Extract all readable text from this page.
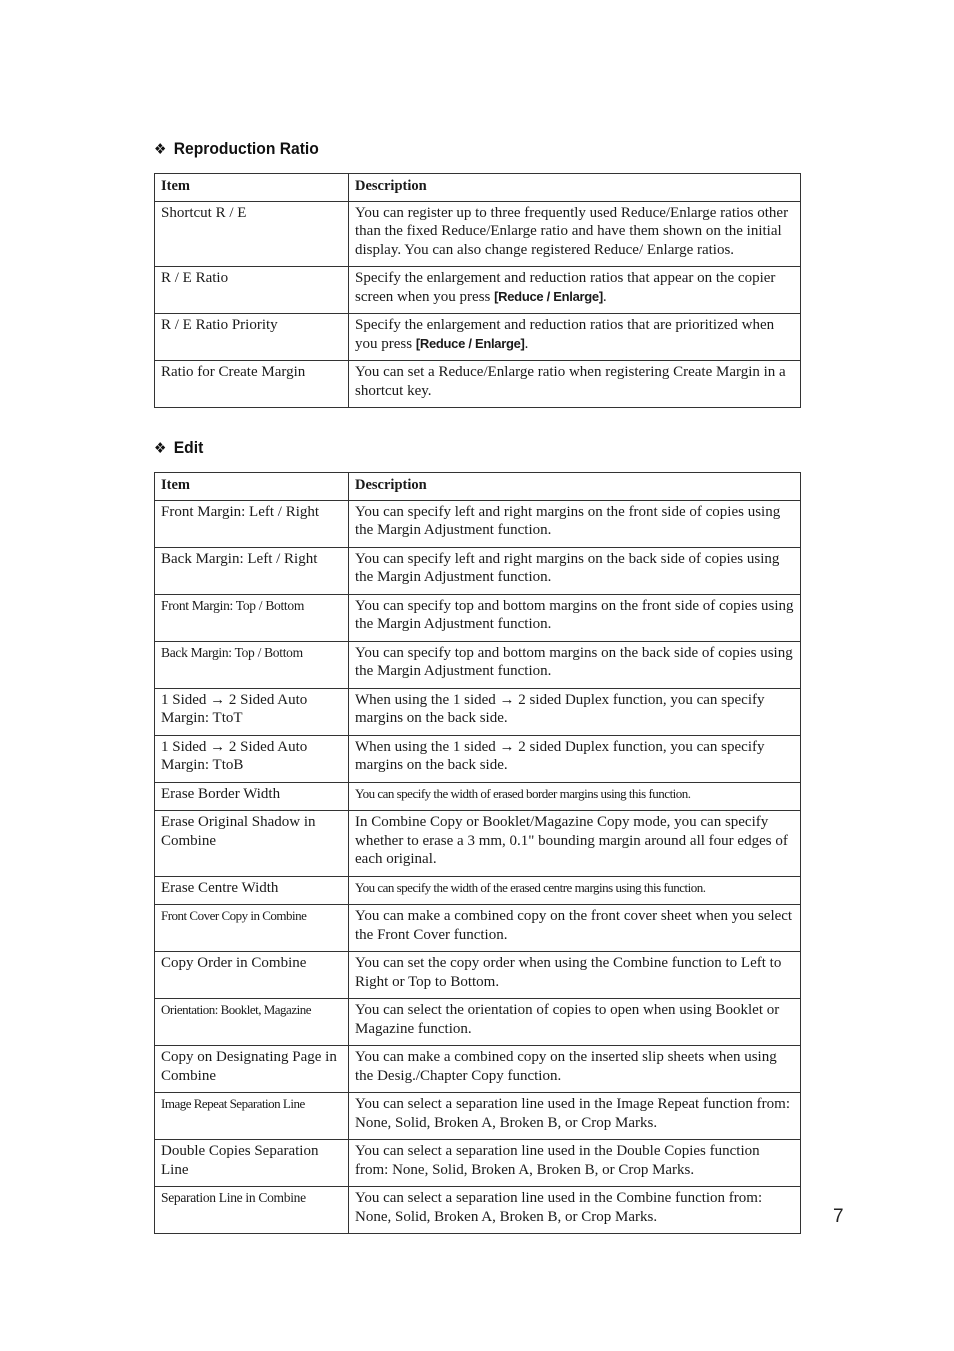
❖ Reproduction Ratio
Item	Description
Shortcut R / E	You can register up to three frequently used Reduce/Enlarge ratios other than the fixed Reduce/Enlarge ratio and have them shown on the initial display. You can also change registered Reduce/ Enlarge ratios.
R / E Ratio	Specify the enlargement and reduction ratios that appear on the copier screen when you press [Reduce / Enlarge].
R / E Ratio Priority	Specify the enlargement and reduction ratios that are prioritized when you press [Reduce / Enlarge].
Ratio for Create Margin	You can set a Reduce/Enlarge ratio when registering Create Margin in a shortcut key.
❖ Edit
Item	Description
Front Margin: Left / Right	You can specify left and right margins on the front side of copies using the Margin Adjustment function.
Back Margin: Left / Right	You can specify left and right margins on the back side of copies using the Margin Adjustment function.
Front Margin: Top / Bottom	You can specify top and bottom margins on the front side of copies using the Margin Adjustment function.
Back Margin: Top / Bottom	You can specify top and bottom margins on the back side of copies using the Margin Adjustment function.
1 Sided → 2 Sided Auto Margin: TtoT	When using the 1 sided → 2 sided Duplex function, you can specify margins on the back side.
1 Sided → 2 Sided Auto Margin: TtoB	When using the 1 sided → 2 sided Duplex function, you can specify margins on the back side.
Erase Border Width	You can specify the width of erased border margins using this function.
Erase Original Shadow in Combine	In Combine Copy or Booklet/Magazine Copy mode, you can specify whether to erase a 3 mm, 0.1" bounding margin around all four edges of each original.
Erase Centre Width	You can specify the width of the erased centre margins using this function.
Front Cover Copy in Combine	You can make a combined copy on the front cover sheet when you select the Front Cover function.
Copy Order in Combine	You can set the copy order when using the Combine function to Left to Right or Top to Bottom.
Orientation: Booklet, Magazine	You can select the orientation of copies to open when using Booklet or Magazine function.
Copy on Designating Page in Combine	You can make a combined copy on the inserted slip sheets when using the Desig./Chapter Copy function.
Image Repeat Separation Line	You can select a separation line used in the Image Repeat function from: None, Solid, Broken A, Broken B, or Crop Marks.
Double Copies Separation Line	You can select a separation line used in the Double Copies function from: None, Solid, Broken A, Broken B, or Crop Marks.
Separation Line in Combine	You can select a separation line used in the Combine function from: None, Solid, Broken A, Broken B, or Crop Marks.	7
